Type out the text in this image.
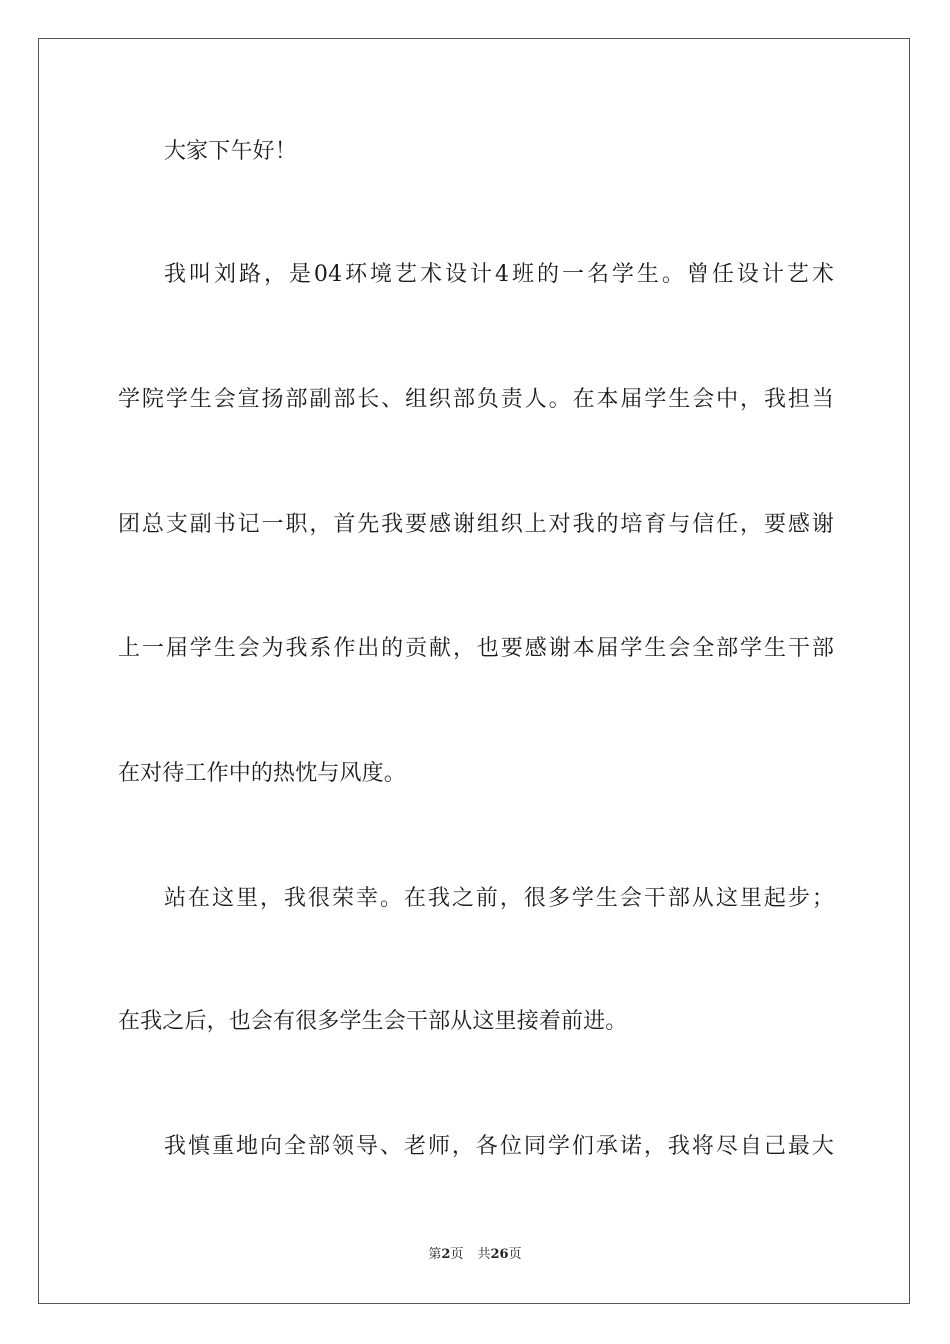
大家下午好！
我叫刘路，是04环境艺术设计4班的一名学生。曾任设计艺术
学院学生会宣扬部副部长、组织部负责人。在本届学生会中，我担当
团总支副书记一职，首先我要感谢组织上对我的培育与信任，要感谢
上一届学生会为我系作出的贡献，也要感谢本届学生会全部学生干部
在对待工作中的热忱与风度。
站在这里，我很荣幸。在我之前，很多学生会干部从这里起步；
在我之后，也会有很多学生会干部从这里接着前进。
我慎重地向全部领导、老师，各位同学们承诺，我将尽自己最大
第2页 共26页
